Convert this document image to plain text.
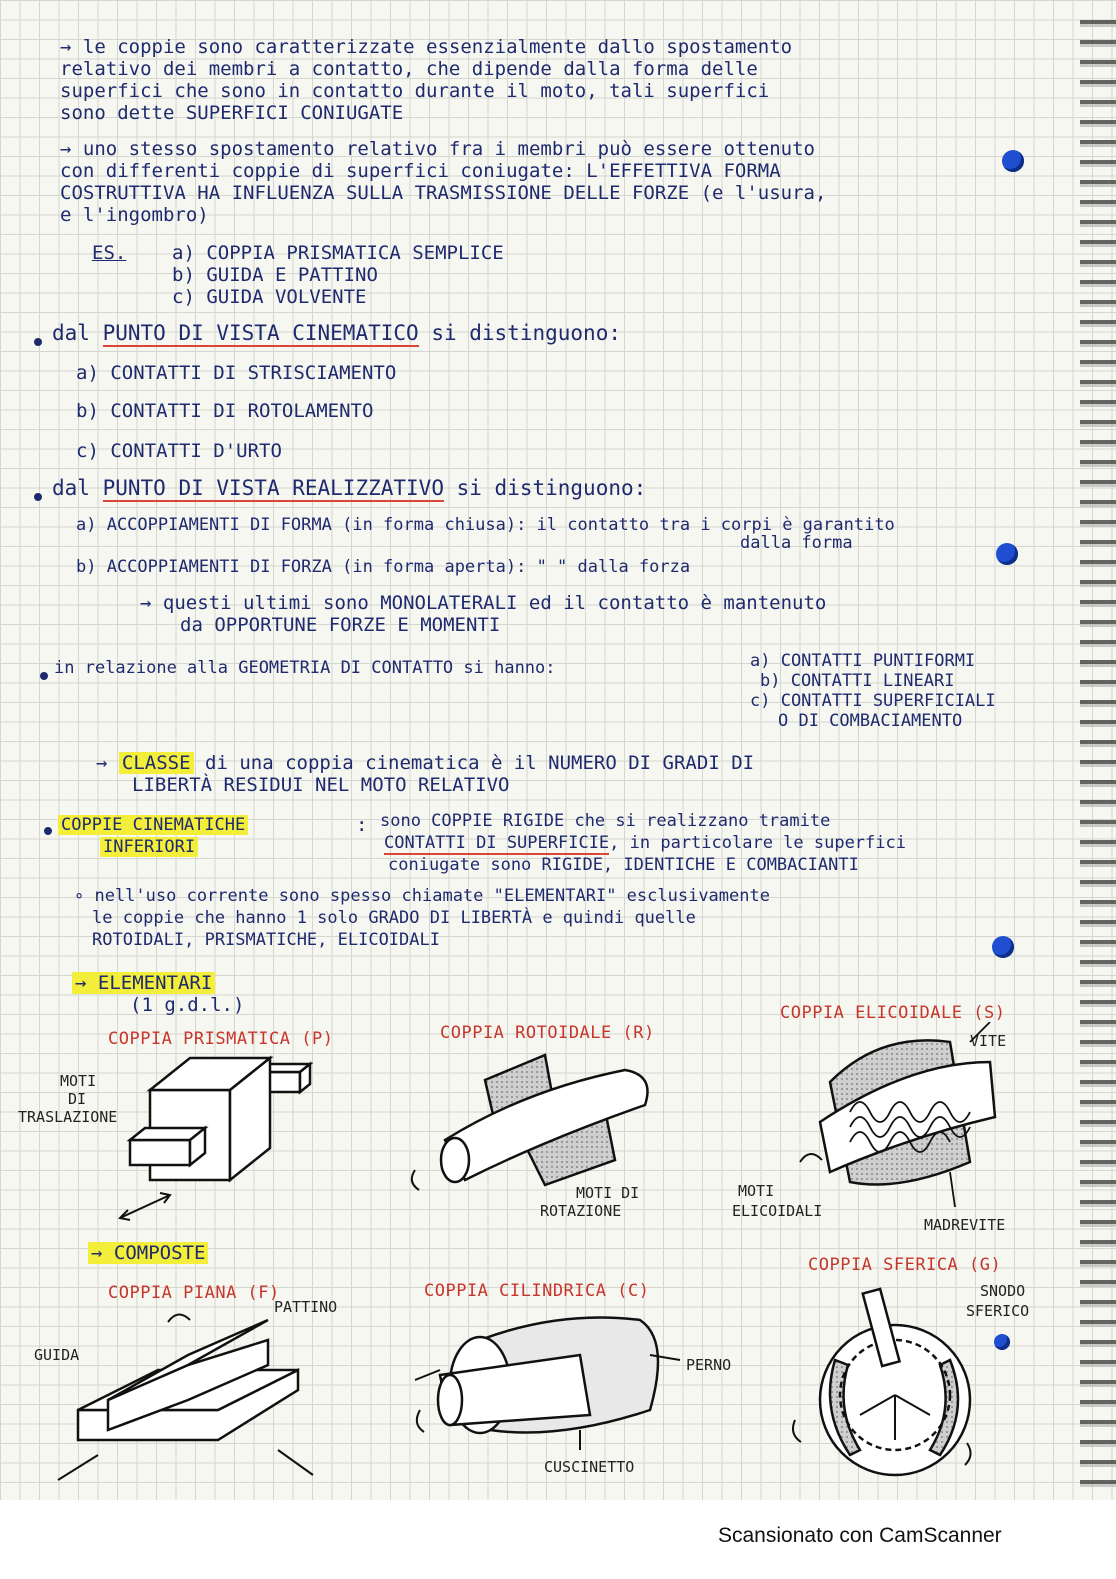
→ le coppie sono caratterizzate essenzialmente dallo spostamento
relativo dei membri a contatto, che dipende dalla forma delle
superfici che sono in contatto durante il moto, tali superfici
sono dette SUPERFICI CONIUGATE
→ uno stesso spostamento relativo fra i membri può essere ottenuto
con differenti coppie di superfici coniugate: L'EFFETTIVA FORMA
COSTRUTTIVA HA INFLUENZA SULLA TRASMISSIONE DELLE FORZE (e l'usura,
e l'ingombro)
ES. a) COPPIA PRISMATICA SEMPLICE
b) GUIDA E PATTINO
c) GUIDA VOLVENTE
dal PUNTO DI VISTA CINEMATICO si distinguono:
a) CONTATTI DI STRISCIAMENTO
b) CONTATTI DI ROTOLAMENTO
c) CONTATTI D'URTO
dal PUNTO DI VISTA REALIZZATIVO si distinguono:
a) ACCOPPIAMENTI DI FORMA (in forma chiusa): il contatto tra i corpi è garantito
dalla forma
b) ACCOPPIAMENTI DI FORZA (in forma aperta): " " dalla forza
→ questi ultimi sono MONOLATERALI ed il contatto è mantenuto
da OPPORTUNE FORZE E MOMENTI
in relazione alla GEOMETRIA DI CONTATTO si hanno:	a) CONTATTI PUNTIFORMI
b) CONTATTI LINEARI
c) CONTATTI SUPERFICIALI
O DI COMBACIAMENTO
→ CLASSE di una coppia cinematica è il NUMERO DI GRADI DI
LIBERTÀ RESIDUI NEL MOTO RELATIVO
COPPIE CINEMATICHE
INFERIORI
: sono COPPIE RIGIDE che si realizzano tramite
CONTATTI DI SUPERFICIE, in particolare le superfici
coniugate sono RIGIDE, IDENTICHE E COMBACIANTI
∘ nell'uso corrente sono spesso chiamate "ELEMENTARI" esclusivamente
le coppie che hanno 1 solo GRADO DI LIBERTÀ e quindi quelle
ROTOIDALI, PRISMATICHE, ELICOIDALI
→ ELEMENTARI
(1 g.d.l.)
COPPIA PRISMATICA (P)
MOTI
DI
TRASLAZIONE
COPPIA ROTOIDALE (R)
MOTI DI
ROTAZIONE
COPPIA ELICOIDALE (S)
VITE
MOTI
ELICOIDALI
MADREVITE
→ COMPOSTE
COPPIA PIANA (F)
PATTINO
GUIDA
COPPIA CILINDRICA (C)
PERNO
CUSCINETTO
COPPIA SFERICA (G)
SNODO
SFERICO
Scansionato con CamScanner
